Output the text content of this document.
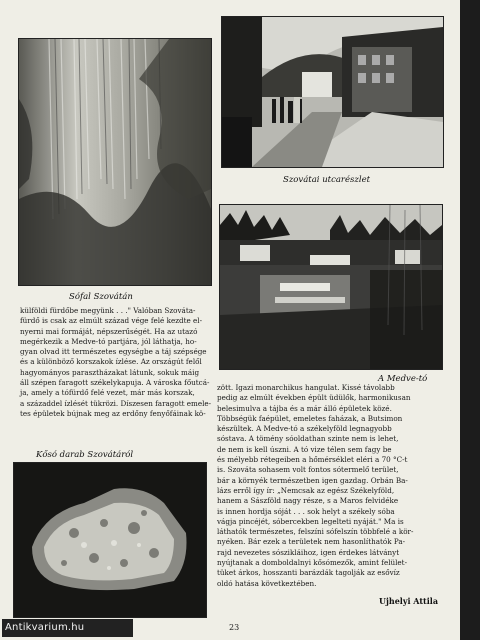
Szovátai utcarészlet
A Medve-tó
Sófal Szovátán
külföldi fürdőbe megyünk . . ." Valóban Szováta-
fürdő is csak az elmúlt század vége felé kezdte el-
nyerni mai formáját, népszerűségét. Ha az utazó
megérkezik a Medve-tó partjára, jól láthatja, ho-
gyan olvad itt természetes egységbe a táj szépsége
és a különböző korszakok ízlése. Az országút felől
hagyományos parasztházakat látunk, sokuk máig
áll szépen faragott székelykapuja. A városka főutcá-
ja, amely a tófürdő felé vezet, már más korszak,
a századdel ízlését tükrözi. Díszesen faragott emele-
tes épületek bújnak meg az erdőny fenyőfáinak kö-
Kősó darab Szovátáról
zött. Igazi monarchikus hangulat. Kissé távolabb
pedig az elmúlt években épült üdülők, harmonikusan
belesimulva a tájba és a már álló épületek közé.
Többségük faépület, emeletes faházak, a Butsimon
készültek. A Medve-tó a székelyföld legnagyobb
sóstava. A tömény sóoldathan szinte nem is lehet,
de nem is kell úszni. A tó vize télen sem fagy be
és mélyebb rétegeiben a hőmérséklet eléri a 70 °C-t
is. Szováta sohasem volt fontos sótermelő terület,
bár a környék természetben igen gazdag. Orbán Ba-
lázs erről így ír: „Nemcsak az egész Székelyföld,
hanem a Sászföld nagy része, s a Maros felvidéke
is innen hordja sóját . . . sok helyt a székely sóba
vágja pincéjét, sóbercekben legelteti nyáját." Ma is
láthatók természetes, felszíni sófelszín többfelé a kör-
nyéken. Bár ezek a területek nem hasonlíthatók Pa-
rajd nevezetes sószikláihoz, igen érdekes látványt
nyújtanak a domboldalnyi kősómezők, amint felület-
tüket árkos, hosszanti barázdák tagolják az esővíz
oldó hatása következtében.
Ujhelyi Attila
23
Antikvarium.hu
